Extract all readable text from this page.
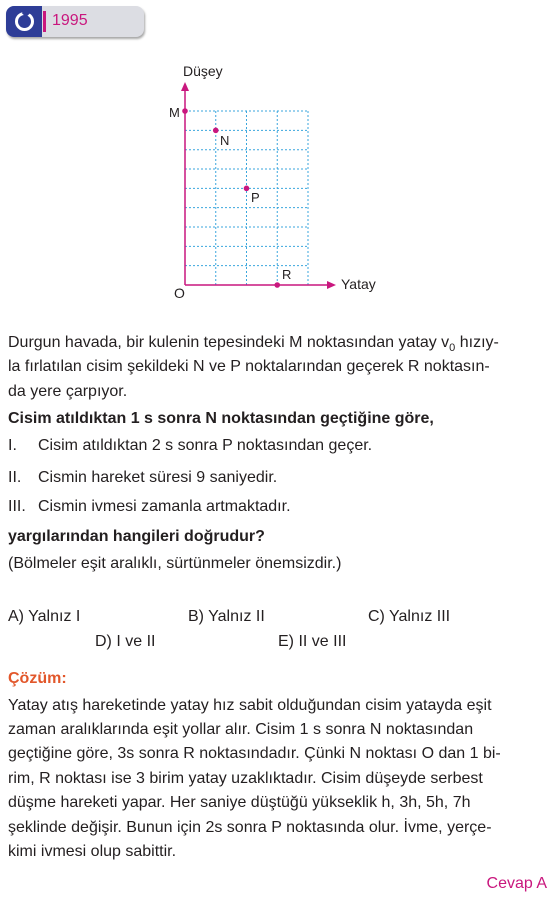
1995
Düşey
Yatay
O
M
N
P
R
Durgun havada, bir kulenin tepesindeki M noktasından yatay $v_0$ hızıy-
la fırlatılan cisim şekildeki N ve P noktalarından geçerek R noktasın-
da yere çarpıyor.
Cisim atıldıktan 1 s sonra N noktasından geçtiğine göre,
I. Cisim atıldıktan 2 s sonra P noktasından geçer.
II. Cismin hareket süresi 9 saniyedir.
III. Cismin ivmesi zamanla artmaktadır.
yargılarından hangileri doğrudur?
(Bölmeler eşit aralıklı, sürtünmeler önemsizdir.)
A) Yalnız I	B) Yalnız II	C) Yalnız III
D) I ve II	E) II ve III
Çözüm:
Yatay atış hareketinde yatay hız sabit olduğundan cisim yatayda eşit
zaman aralıklarında eşit yollar alır. Cisim 1 s sonra N noktasından
geçtiğine göre, 3s sonra R noktasındadır. Çünki N noktası O dan 1 bi-
rim, R noktası ise 3 birim yatay uzaklıktadır. Cisim düşeyde serbest
düşme hareketi yapar. Her saniye düştüğü yükseklik h, 3h, 5h, 7h
şeklinde değişir. Bunun için 2s sonra P noktasında olur. İvme, yerçe-
kimi ivmesi olup sabittir.
Cevap A
